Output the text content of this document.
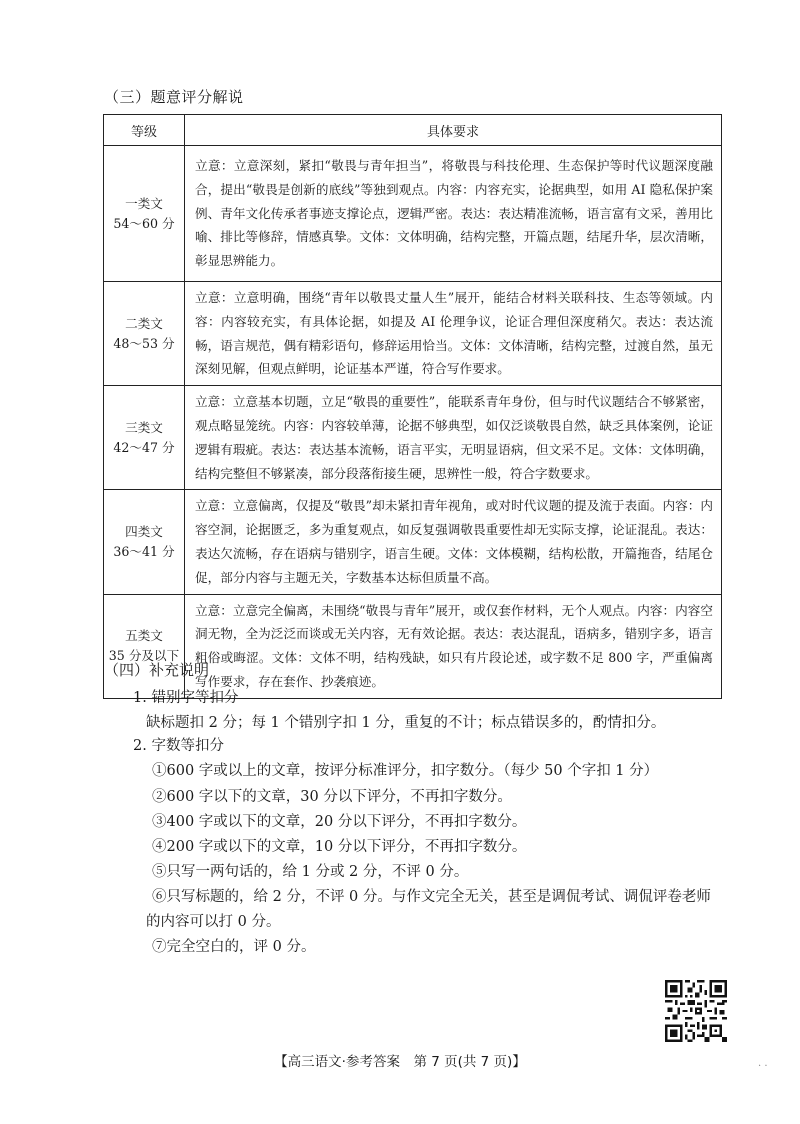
（三）题意评分解说
等级	具体要求

一类文
54～60 分	立意：立意深刻，紧扣“敬畏与青年担当”，将敬畏与科技伦理、生态保护等时代议题深度融合，提出“敬畏是创新的底线”等独到观点。内容：内容充实，论据典型，如用 AI 隐私保护案例、青年文化传承者事迹支撑论点，逻辑严密。表达：表达精准流畅，语言富有文采，善用比喻、排比等修辞，情感真挚。文体：文体明确，结构完整，开篇点题，结尾升华，层次清晰，彰显思辨能力。

二类文
48～53 分	立意：立意明确，围绕“青年以敬畏丈量人生”展开，能结合材料关联科技、生态等领域。内容：内容较充实，有具体论据，如提及 AI 伦理争议，论证合理但深度稍欠。表达：表达流畅，语言规范，偶有精彩语句，修辞运用恰当。文体：文体清晰，结构完整，过渡自然，虽无深刻见解，但观点鲜明，论证基本严谨，符合写作要求。

三类文
42～47 分	立意：立意基本切题，立足“敬畏的重要性”，能联系青年身份，但与时代议题结合不够紧密，观点略显笼统。内容：内容较单薄，论据不够典型，如仅泛谈敬畏自然，缺乏具体案例，论证逻辑有瑕疵。表达：表达基本流畅，语言平实，无明显语病，但文采不足。文体：文体明确，结构完整但不够紧凑，部分段落衔接生硬，思辨性一般，符合字数要求。

四类文
36～41 分	立意：立意偏离，仅提及“敬畏”却未紧扣青年视角，或对时代议题的提及流于表面。内容：内容空洞，论据匮乏，多为重复观点，如反复强调敬畏重要性却无实际支撑，论证混乱。表达：表达欠流畅，存在语病与错别字，语言生硬。文体：文体模糊，结构松散，开篇拖沓，结尾仓促，部分内容与主题无关，字数基本达标但质量不高。

五类文
35 分及以下	立意：立意完全偏离，未围绕“敬畏与青年”展开，或仅套作材料，无个人观点。内容：内容空洞无物，全为泛泛而谈或无关内容，无有效论据。表达：表达混乱，语病多，错别字多，语言粗俗或晦涩。文体：文体不明，结构残缺，如只有片段论述，或字数不足 800 字，严重偏离写作要求，存在套作、抄袭痕迹。
（四）补充说明
1. 错别字等扣分
缺标题扣 2 分；每 1 个错别字扣 1 分，重复的不计；标点错误多的，酌情扣分。
2. 字数等扣分
①600 字或以上的文章，按评分标准评分，扣字数分。（每少 50 个字扣 1 分）
②600 字以下的文章，30 分以下评分，不再扣字数分。
③400 字或以下的文章，20 分以下评分，不再扣字数分。
④200 字或以下的文章，10 分以下评分，不再扣字数分。
⑤只写一两句话的，给 1 分或 2 分，不评 0 分。
⑥只写标题的，给 2 分，不评 0 分。与作文完全无关，甚至是调侃考试、调侃评卷老师
的内容可以打 0 分。
⑦完全空白的，评 0 分。
【高三语文·参考答案　第 7 页(共 7 页)】	. .
